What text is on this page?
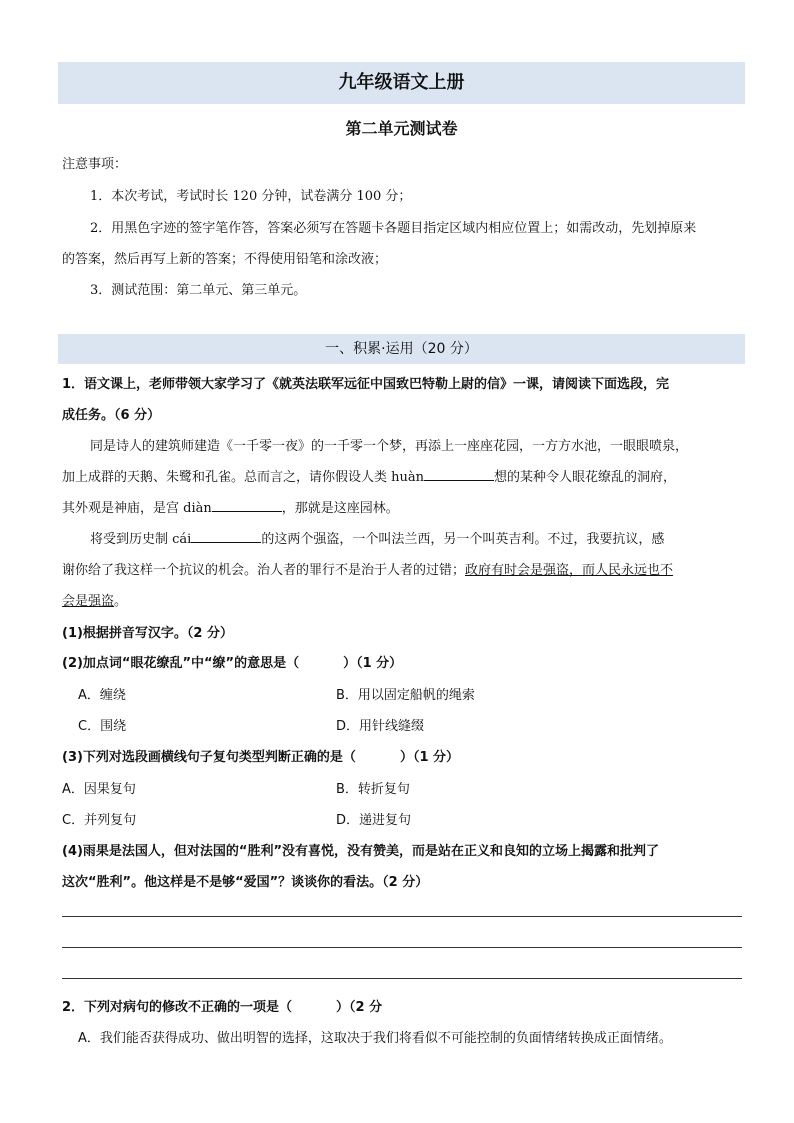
九年级语文上册
第二单元测试卷
注意事项：
1．本次考试，考试时长 120 分钟，试卷满分 100 分；
2．用黑色字迹的签字笔作答，答案必须写在答题卡各题目指定区域内相应位置上；如需改动，先划掉原来
的答案，然后再写上新的答案；不得使用铅笔和涂改液；
3．测试范围：第二单元、第三单元。
一、积累·运用（20 分）
1．语文课上，老师带领大家学习了《就英法联军远征中国致巴特勒上尉的信》一课，请阅读下面选段，完
成任务。（6 分）
同是诗人的建筑师建造《一千零一夜》的一千零一个梦，再添上一座座花园，一方方水池，一眼眼喷泉，
加上成群的天鹅、朱鹭和孔雀。总而言之，请你假设人类 huàn	想的某种令人眼花缭乱的洞府，
其外观是神庙，是宫 diàn	，那就是这座园林。
将受到历史制 cái	的这两个强盗，一个叫法兰西，另一个叫英吉利。不过，我要抗议，感
谢你给了我这样一个抗议的机会。治人者的罪行不是治于人者的过错；政府有时会是强盗，而人民永远也不
会是强盗。
(1)根据拼音写汉字。（2 分）
(2)加点词“眼花缭乱”中“缭”的意思是（	）（1 分）
A．缠绕	B．用以固定船帆的绳索
C．围绕	D．用针线缝缀
(3)下列对选段画横线句子复句类型判断正确的是（	）（1 分）
A．因果复句	B．转折复句
C．并列复句	D．递进复句
(4)雨果是法国人，但对法国的“胜利”没有喜悦，没有赞美，而是站在正义和良知的立场上揭露和批判了
这次“胜利”。他这样是不是够“爱国”？谈谈你的看法。（2 分）
2．下列对病句的修改不正确的一项是（	）（2 分
A．我们能否获得成功、做出明智的选择，这取决于我们将看似不可能控制的负面情绪转换成正面情绪。
